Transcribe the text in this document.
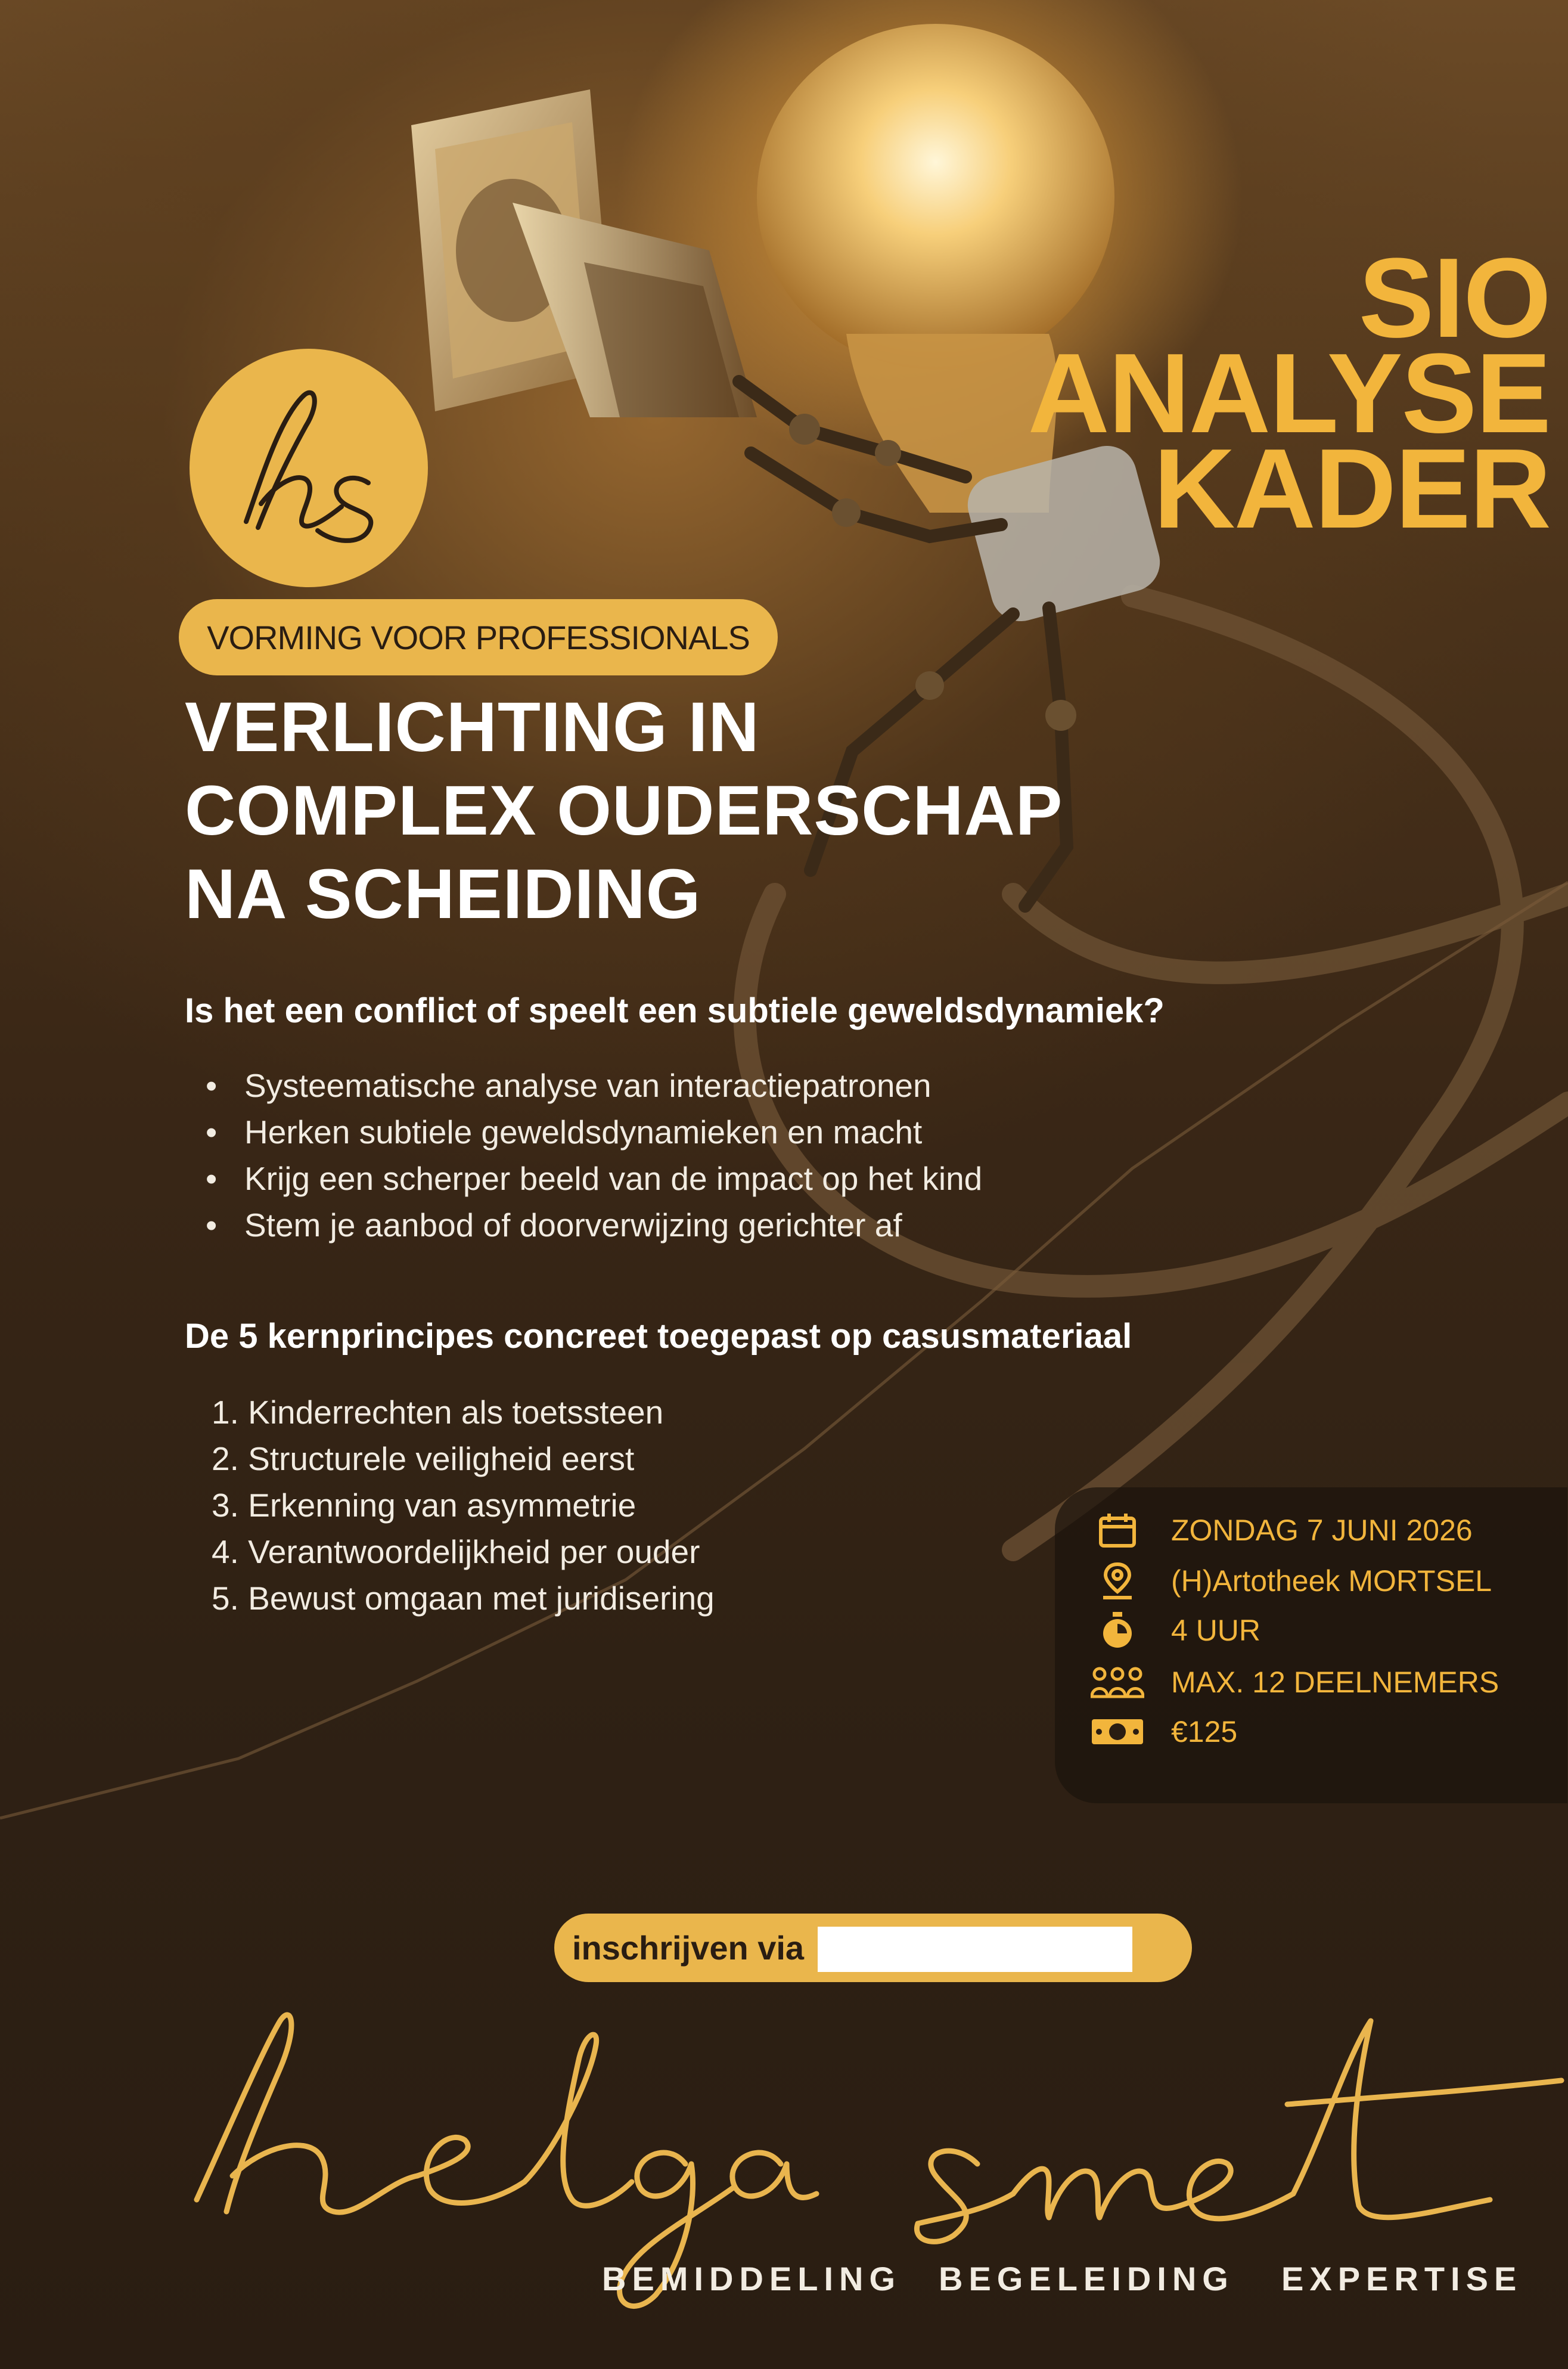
SIO
ANALYSE
KADER
VORMING VOOR PROFESSIONALS
VERLICHTING IN
COMPLEX OUDERSCHAP
NA SCHEIDING
Is het een conflict of speelt een subtiele geweldsdynamiek?
• Systeematische analyse van interactiepatronen
• Herken subtiele geweldsdynamieken en macht
• Krijg een scherper beeld van de impact op het kind
• Stem je aanbod of doorverwijzing gerichter af
De 5 kernprincipes concreet toegepast op casusmateriaal
1. Kinderrechten als toetssteen
2. Structurele veiligheid eerst
3. Erkenning van asymmetrie
4. Verantwoordelijkheid per ouder
5. Bewust omgaan met juridisering
ZONDAG 7 JUNI 2026
(H)Artotheek MORTSEL
4 UUR
MAX. 12 DEELNEMERS
€125
inschrijven via
BEMIDDELING BEGELEIDING EXPERTISE
